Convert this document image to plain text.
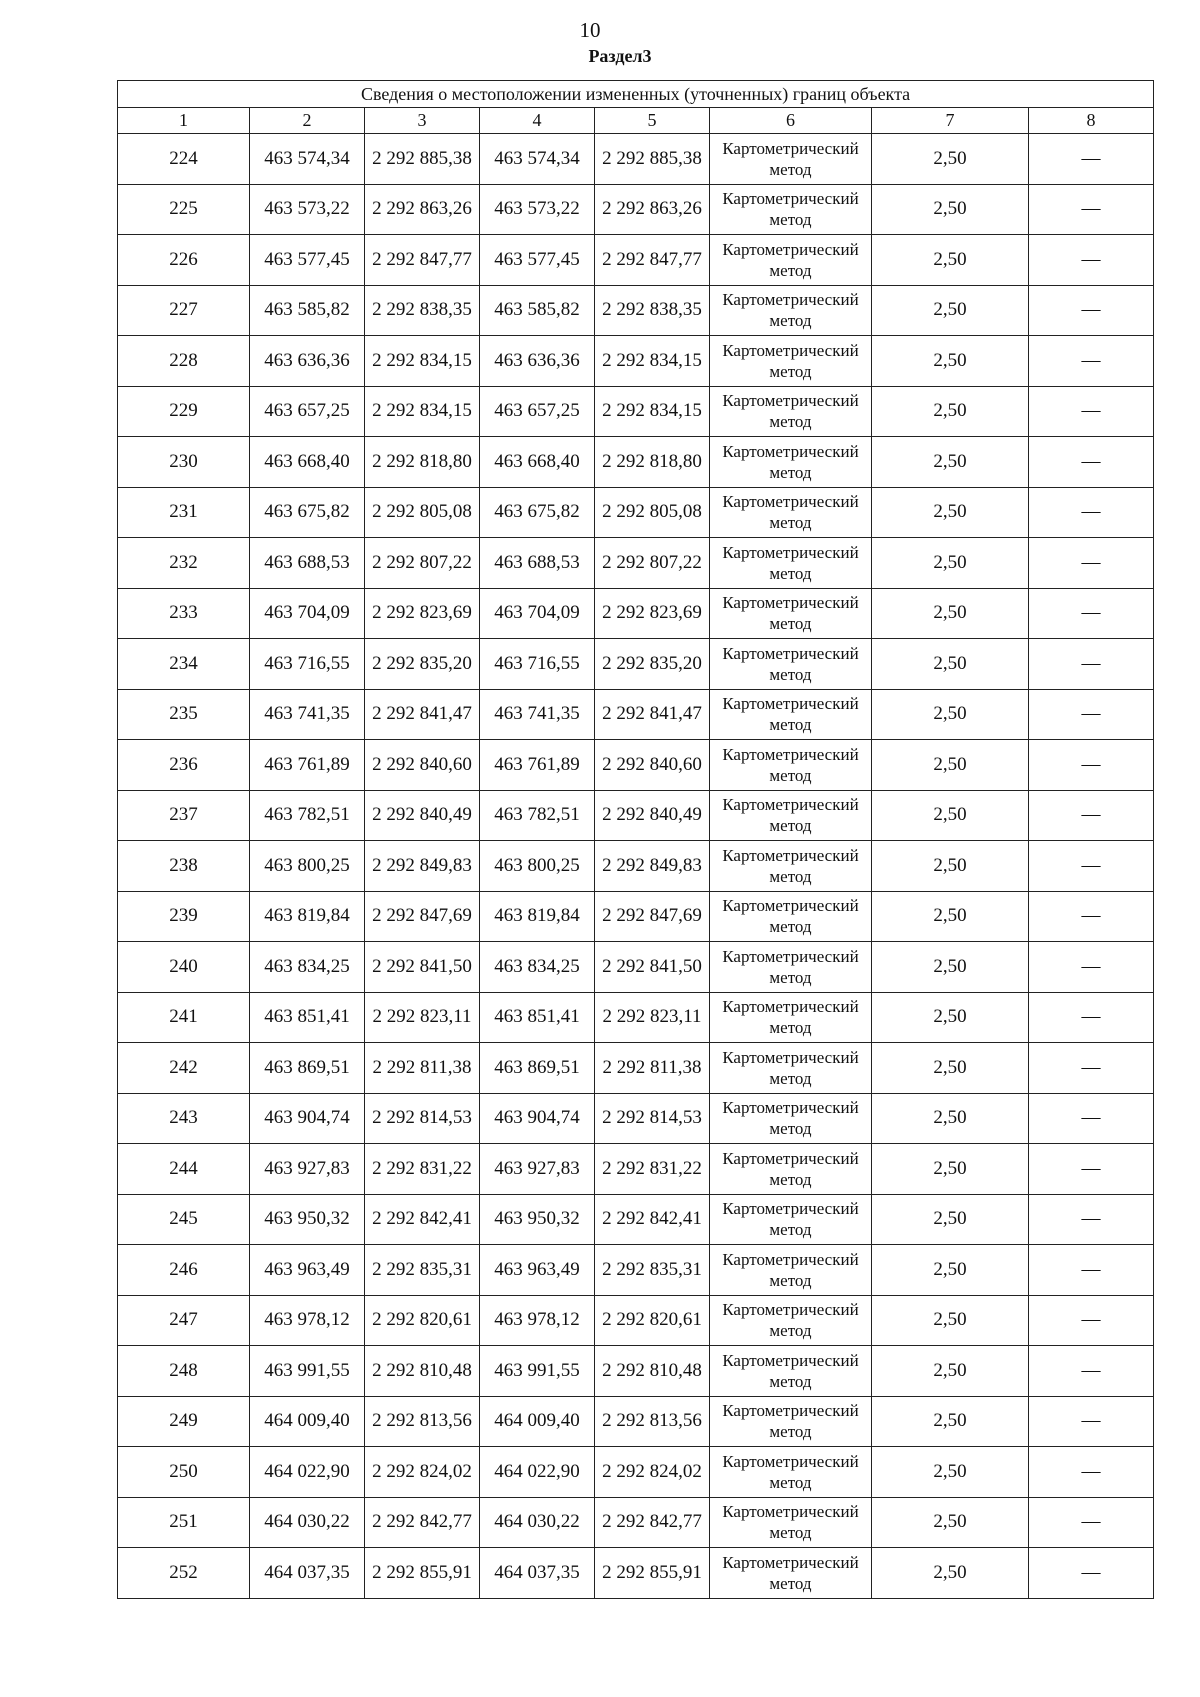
10
Раздел3
Сведения о местоположении измененных (уточненных) границ объекта							
1	2	3	4	5	6	7	8
224	463 574,34	2 292 885,38	463 574,34	2 292 885,38	Картометрический метод	2,50	—
225	463 573,22	2 292 863,26	463 573,22	2 292 863,26	Картометрический метод	2,50	—
226	463 577,45	2 292 847,77	463 577,45	2 292 847,77	Картометрический метод	2,50	—
227	463 585,82	2 292 838,35	463 585,82	2 292 838,35	Картометрический метод	2,50	—
228	463 636,36	2 292 834,15	463 636,36	2 292 834,15	Картометрический метод	2,50	—
229	463 657,25	2 292 834,15	463 657,25	2 292 834,15	Картометрический метод	2,50	—
230	463 668,40	2 292 818,80	463 668,40	2 292 818,80	Картометрический метод	2,50	—
231	463 675,82	2 292 805,08	463 675,82	2 292 805,08	Картометрический метод	2,50	—
232	463 688,53	2 292 807,22	463 688,53	2 292 807,22	Картометрический метод	2,50	—
233	463 704,09	2 292 823,69	463 704,09	2 292 823,69	Картометрический метод	2,50	—
234	463 716,55	2 292 835,20	463 716,55	2 292 835,20	Картометрический метод	2,50	—
235	463 741,35	2 292 841,47	463 741,35	2 292 841,47	Картометрический метод	2,50	—
236	463 761,89	2 292 840,60	463 761,89	2 292 840,60	Картометрический метод	2,50	—
237	463 782,51	2 292 840,49	463 782,51	2 292 840,49	Картометрический метод	2,50	—
238	463 800,25	2 292 849,83	463 800,25	2 292 849,83	Картометрический метод	2,50	—
239	463 819,84	2 292 847,69	463 819,84	2 292 847,69	Картометрический метод	2,50	—
240	463 834,25	2 292 841,50	463 834,25	2 292 841,50	Картометрический метод	2,50	—
241	463 851,41	2 292 823,11	463 851,41	2 292 823,11	Картометрический метод	2,50	—
242	463 869,51	2 292 811,38	463 869,51	2 292 811,38	Картометрический метод	2,50	—
243	463 904,74	2 292 814,53	463 904,74	2 292 814,53	Картометрический метод	2,50	—
244	463 927,83	2 292 831,22	463 927,83	2 292 831,22	Картометрический метод	2,50	—
245	463 950,32	2 292 842,41	463 950,32	2 292 842,41	Картометрический метод	2,50	—
246	463 963,49	2 292 835,31	463 963,49	2 292 835,31	Картометрический метод	2,50	—
247	463 978,12	2 292 820,61	463 978,12	2 292 820,61	Картометрический метод	2,50	—
248	463 991,55	2 292 810,48	463 991,55	2 292 810,48	Картометрический метод	2,50	—
249	464 009,40	2 292 813,56	464 009,40	2 292 813,56	Картометрический метод	2,50	—
250	464 022,90	2 292 824,02	464 022,90	2 292 824,02	Картометрический метод	2,50	—
251	464 030,22	2 292 842,77	464 030,22	2 292 842,77	Картометрический метод	2,50	—
252	464 037,35	2 292 855,91	464 037,35	2 292 855,91	Картометрический метод	2,50	—
